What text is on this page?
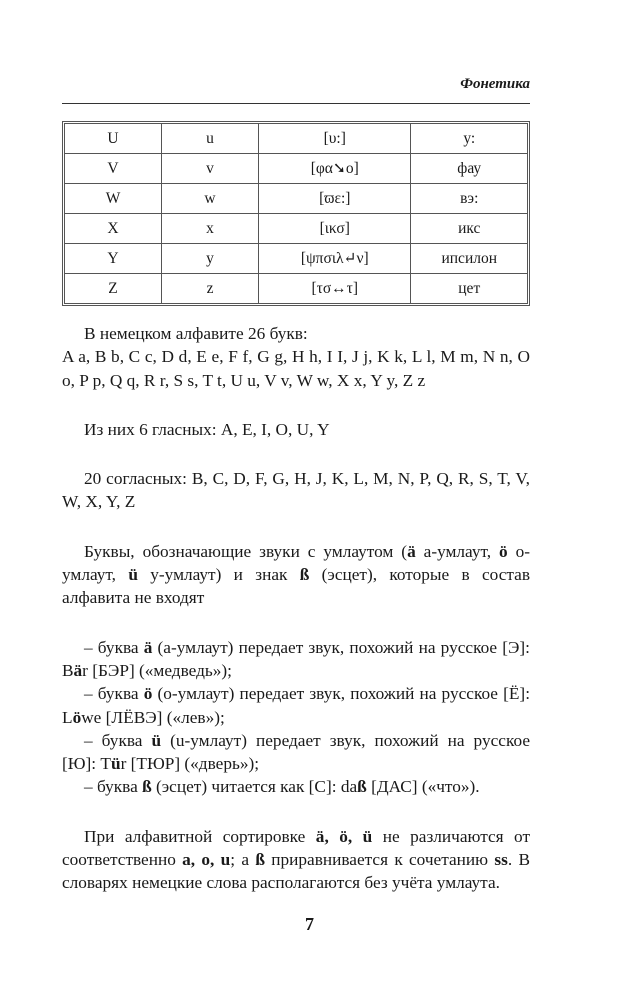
Фонетика
U	u	[υ:]	у:
V	v	[φα➘ο]	фау
W	w	[ϖε:]	вэ:
X	x	[ικσ]	икс
Y	y	[ψπσιλ↵ν]	ипсилон
Z	z	[τσ↔τ]	цет

В немецком алфавите 26 букв:

A a, B b, C c, D d, E e, F f, G g, H h, I I, J j, K k, L l, M m, N n, O o, P p, Q q, R r, S s, T t, U u, V v, W w, X x, Y y, Z z

Из них 6 гласных: A, E, I, O, U, Y

20 согласных: B, C, D, F, G, H, J, K, L, M, N, P, Q, R, S, T, V, W, X, Y, Z

Буквы, обозначающие звуки с умлаутом (ä а-умлаут, ö о-умлаут, ü у-умлаут) и знак ß (эсцет), которые в состав алфавита не входят

– буква ä (а-умлаут) передает звук, похожий на русское [Э]: Bär [БЭР] («медведь»);

– буква ö (о-умлаут) передает звук, похожий на русское [Ё]: Löwe [ЛЁВЭ] («лев»);

– буква ü (u-умлаут) передает звук, похожий на русское [Ю]: Tür [ТЮР] («дверь»);

– буква ß (эсцет) читается как [С]: daß [ДАС] («что»).

При алфавитной сортировке ä, ö, ü не различаются от соответственно a, o, u; а ß приравнивается к сочетанию ss. В словарях немецкие слова располагаются без учёта умлаута.

7
